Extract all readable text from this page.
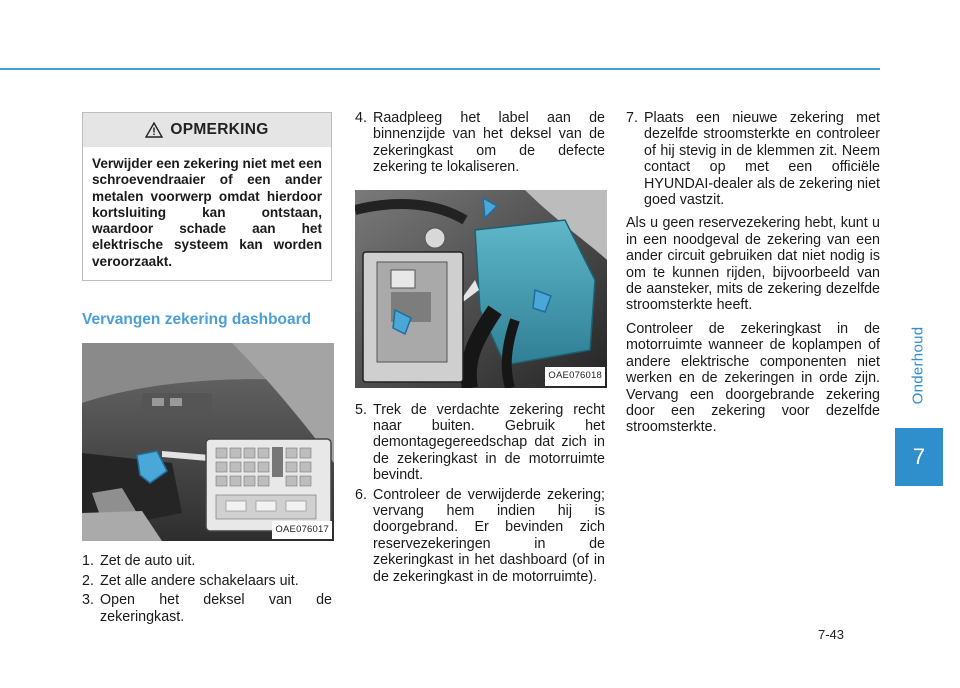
Onderhoud
7
OPMERKING
Verwijder een zekering niet met een schroevendraaier of een ander metalen voorwerp omdat hierdoor kortsluiting kan ontstaan, waardoor schade aan het elektrische systeem kan worden veroorzaakt.
Vervangen zekering dashboard
OAE076017
1. Zet de auto uit.
2. Zet alle andere schakelaars uit.
3. Open het deksel van de zekeringkast.
4. Raadpleeg het label aan de binnenzijde van het deksel van de zekeringkast om de defecte zekering te lokaliseren.
OAE076018
5. Trek de verdachte zekering recht naar buiten. Gebruik het demontagegereedschap dat zich in de zekeringkast in de motorruimte bevindt.
6. Controleer de verwijderde zekering; vervang hem indien hij is doorgebrand. Er bevinden zich reservezekeringen in de zekeringkast in het dashboard (of in de zekeringkast in de motorruimte).
7. Plaats een nieuwe zekering met dezelfde stroomsterkte en controleer of hij stevig in de klemmen zit. Neem contact op met een officiële HYUNDAI-dealer als de zekering niet goed vastzit.

Als u geen reservezekering hebt, kunt u in een noodgeval de zekering van een ander circuit gebruiken dat niet nodig is om te kunnen rijden, bijvoorbeeld van de aansteker, mits de zekering dezelfde stroomsterkte heeft.

Controleer de zekeringkast in de motorruimte wanneer de koplampen of andere elektrische componenten niet werken en de zekeringen in orde zijn. Vervang een doorgebrande zekering door een zekering voor dezelfde stroomsterkte.

7-43
